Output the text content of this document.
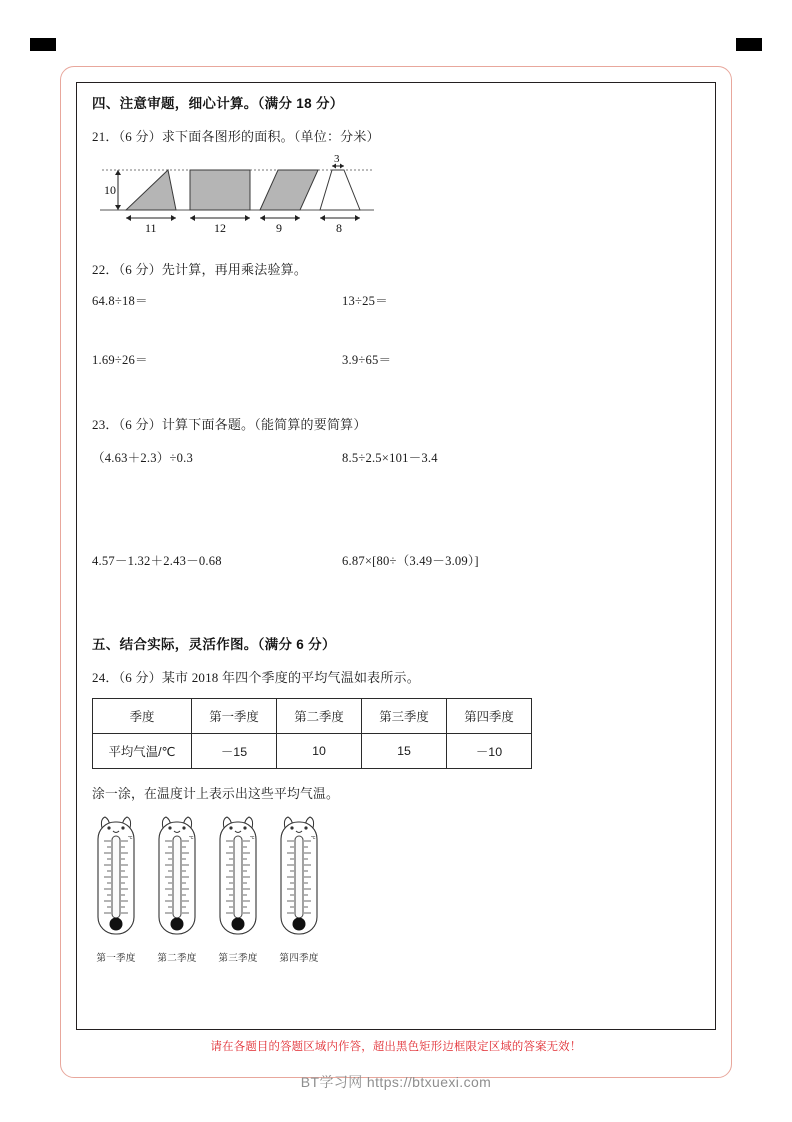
四、注意审题，细心计算。（满分 18 分）
21．（6 分）求下面各图形的面积。（单位：分米）
10
11	12	9	8
3
22．（6 分）先计算，再用乘法验算。
64.8÷18＝	13÷25＝
1.69÷26＝	3.9÷65＝
23．（6 分）计算下面各题。（能简算的要简算）
（4.63＋2.3）÷0.3	8.5÷2.5×101－3.4
4.57－1.32＋2.43－0.68	6.87×[80÷（3.49－3.09）]
五、结合实际，灵活作图。（满分 6 分）
24．（6 分）某市 2018 年四个季度的平均气温如表所示。
季度	第一季度	第二季度	第三季度	第四季度
平均气温/℃	－15	10	15	－10
涂一涂，在温度计上表示出这些平均气温。
℃
第一季度
℃
第二季度
℃
第三季度
℃
第四季度
请在各题目的答题区域内作答，超出黑色矩形边框限定区域的答案无效！
BT学习网 https://btxuexi.com
